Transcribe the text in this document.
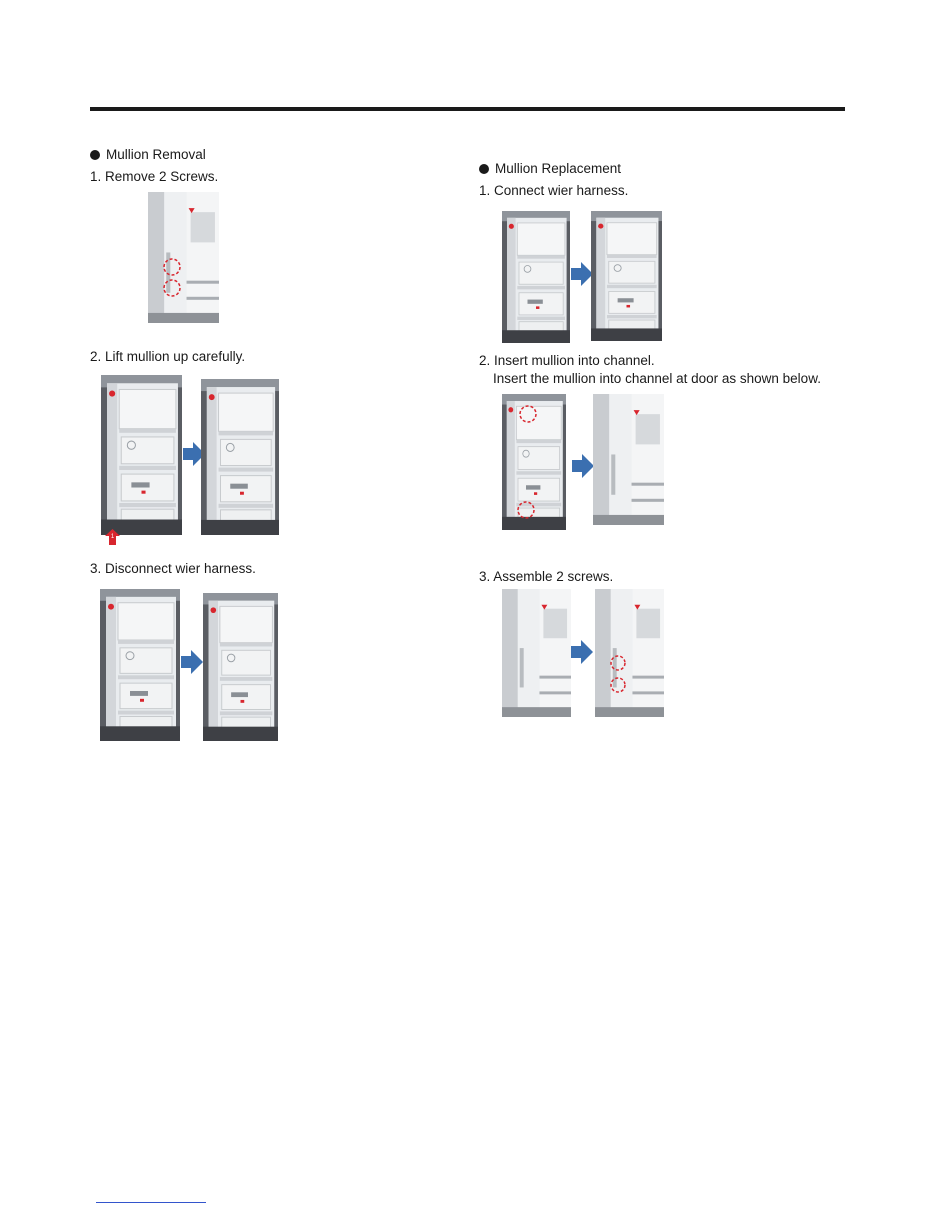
Mullion Removal
1. Remove 2 Screws.
2. Lift mullion up carefully.
1
3. Disconnect wier harness.
Mullion Replacement
1. Connect wier harness.
2. Insert mullion into channel.
Insert the mullion into channel at door as shown below.
3. Assemble 2 screws.
